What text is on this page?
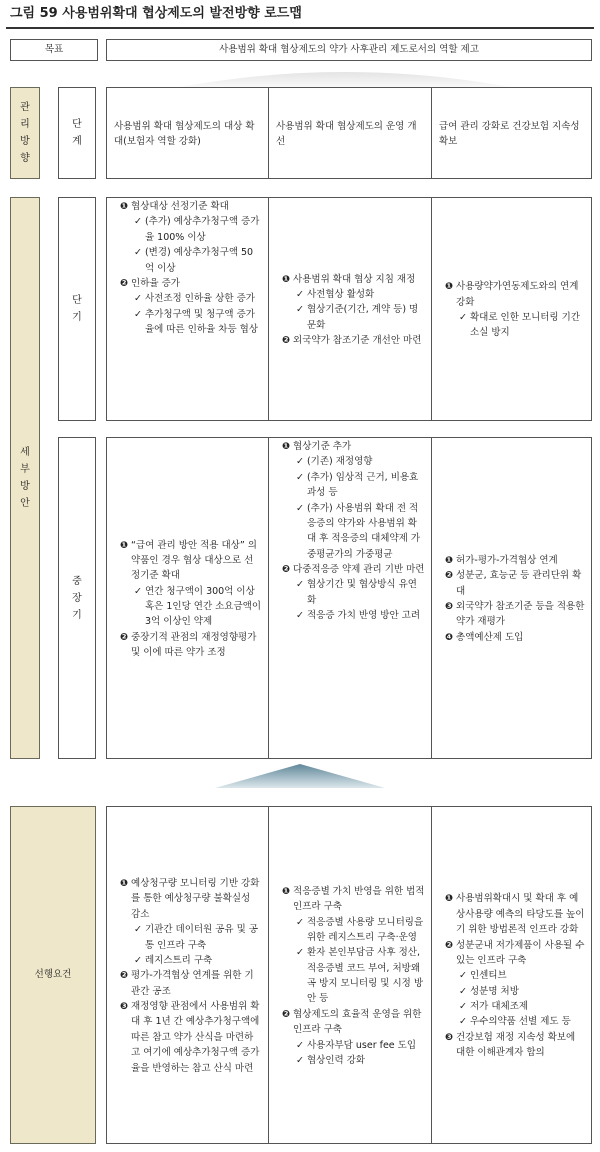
그림 59 사용범위확대 협상제도의 발전방향 로드맵
목표	사용범위 확대 협상제도의 약가 사후관리 제도로서의 역할 제고
관
리
방
향
단
계
사용범위 확대 협상제도의 대상 확대(보험자 역할 강화)
사용범위 확대 협상제도의 운영 개선
급여 관리 강화로 건강보험 지속성 확보
세
부
방
안
단
기
❶ 협상대상 선정기준 확대
✓ (추가) 예상추가청구액 증가율 100% 이상
✓ (변경) 예상추가청구액 50억 이상
❷ 인하율 증가
✓ 사전조정 인하율 상한 증가
✓ 추가청구액 및 청구액 증가율에 따른 인하율 차등 협상
❶ 사용범위 확대 협상 지침 재정
✓ 사전협상 활성화
✓ 협상기준(기간, 계약 등) 명문화
❷ 외국약가 참조기준 개선안 마련
❶ 사용량약가연동제도와의 연계 강화
✓ 확대로 인한 모니터링 기간 소실 방지
중
장
기
❶ “급여 관리 방안 적용 대상” 의약품인 경우 협상 대상으로 선정기준 확대
✓ 연간 청구액이 300억 이상 혹은 1인당 연간 소요금액이 3억 이상인 약제
❷ 중장기적 관점의 재정영향평가 및 이에 따른 약가 조정
❶ 협상기준 추가
✓ (기존) 재정영향
✓ (추가) 임상적 근거, 비용효과성 등
✓ (추가) 사용범위 확대 전 적응증의 약가와 사용범위 확대 후 적응증의 대체약제 가중평균가의 가중평균
❷ 다중적응증 약제 관리 기반 마련
✓ 협상기간 및 협상방식 유연화
✓ 적응증 가치 반영 방안 고려
❶ 허가-평가-가격협상 연계
❷ 성분군, 효능군 등 관리단위 확대
❸ 외국약가 참조기준 등을 적용한 약가 재평가
❹ 총액예산제 도입
선행요건
❶ 예상청구량 모니터링 기반 강화를 통한 예상청구량 불확실성 감소
✓ 기관간 데이터원 공유 및 공통 인프라 구축
✓ 레지스트리 구축
❷ 평가-가격협상 연계를 위한 기관간 공조
❸ 재정영향 관점에서 사용범위 확대 후 1년 간 예상추가청구액에 따른 참고 약가 산식을 마련하고 여기에 예상추가청구액 증가율을 반영하는 참고 산식 마련
❶ 적응증별 가치 반영을 위한 법적 인프라 구축
✓ 적응증별 사용량 모니터링을 위한 레지스트리 구축·운영
✓ 환자 본인부담금 사후 정산, 적응증별 코드 부여, 처방왜곡 방지 모니터링 및 시정 방안 등
❷ 협상제도의 효율적 운영을 위한 인프라 구축
✓ 사용자부담 user fee 도입
✓ 협상인력 강화
❶ 사용범위확대시 및 확대 후 예상사용량 예측의 타당도를 높이기 위한 방법론적 인프라 강화
❷ 성분군내 저가제품이 사용될 수 있는 인프라 구축
✓ 인센티브
✓ 성분명 처방
✓ 저가 대체조제
✓ 우수의약품 선별 제도 등
❸ 건강보험 재정 지속성 확보에 대한 이해관계자 합의
